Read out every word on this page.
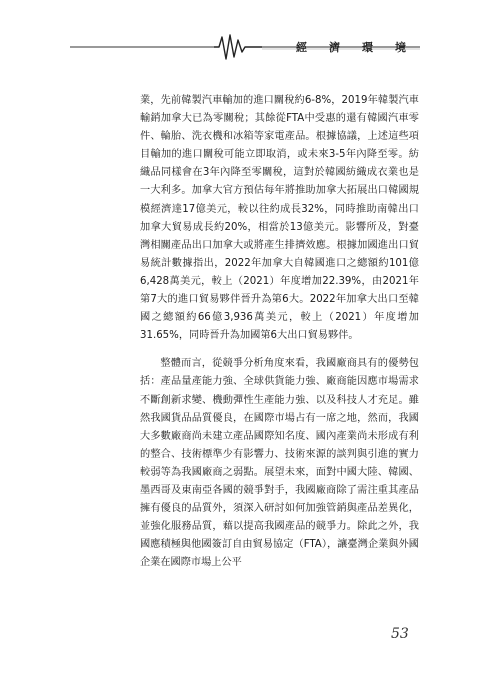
經 濟 環 境

業，先前韓製汽車輸加的進口關稅約6-8%，2019年韓製汽車輸銷加拿大已為零關稅；其餘從FTA中受惠的還有韓國汽車零件、輪胎、洗衣機和冰箱等家電產品。根據協議，上述這些項目輸加的進口關稅可能立即取消，或未來3-5年內降至零。紡織品同樣會在3年內降至零關稅，這對於韓國紡織成衣業也是一大利多。加拿大官方預估每年將推助加拿大拓展出口韓國規模經濟達17億美元，較以往約成長32%，同時推助南韓出口加拿大貿易成長約20%，相當於13億美元。影響所及，對臺灣相關產品出口加拿大或將產生排擠效應。根據加國進出口貿易統計數據指出，2022年加拿大自韓國進口之總額約101億6,428萬美元，較上（2021）年度增加22.39%，由2021年第7大的進口貿易夥伴晉升為第6大。2022年加拿大出口至韓國之總額約66億3,936萬美元，較上（2021）年度增加31.65%，同時晉升為加國第6大出口貿易夥伴。

整體而言，從競爭分析角度來看，我國廠商具有的優勢包括：產品量產能力強、全球供貨能力強、廠商能因應市場需求不斷創新求變、機動彈性生產能力強、以及科技人才充足。雖然我國貨品品質優良，在國際市場占有一席之地，然而，我國大多數廠商尚未建立產品國際知名度、國內產業尚未形成有利的整合、技術標準少有影響力、技術來源的談判與引進的實力較弱等為我國廠商之弱點。展望未來，面對中國大陸、韓國、墨西哥及東南亞各國的競爭對手，我國廠商除了需注重其產品擁有優良的品質外，須深入研討如何加強管銷與產品差異化，並強化服務品質，藉以提高我國產品的競爭力。除此之外，我國應積極與他國簽訂自由貿易協定（FTA），讓臺灣企業與外國企業在國際市場上公平

53
